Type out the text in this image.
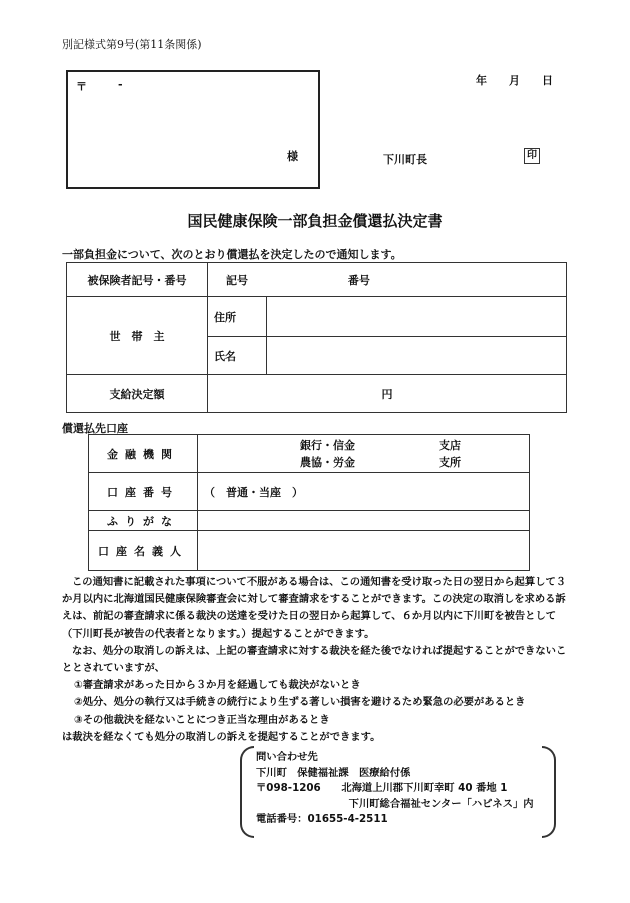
別記様式第9号(第11条関係)
〒	-
様
年 月 日
下川町長	印
国民健康保険一部負担金償還払決定書
一部負担金について、次のとおり償還払を決定したので通知します。
被保険者記号・番号	記号 番号	
世　帯　主	住所	
	氏名	
支給決定額	円	
償還払先口座
金融機関	銀行・信金 支店
農協・労金 支所

口座番号	（　普通・当座　）
ふりがな	
口座名義人	

この通知書に記載された事項について不服がある場合は、この通知書を受け取った日の翌日から起算して３か月以内に北海道国民健康保険審査会に対して審査請求をすることができます。この決定の取消しを求める訴えは、前記の審査請求に係る裁決の送達を受けた日の翌日から起算して、６か月以内に下川町を被告として（下川町長が被告の代表者となります。）提起することができます。

なお、処分の取消しの訴えは、上記の審査請求に対する裁決を経た後でなければ提起することができないこととされていますが、

①審査請求があった日から３か月を経過しても裁決がないとき

②処分、処分の執行又は手続きの続行により生ずる著しい損害を避けるため緊急の必要があるとき

③その他裁決を経ないことにつき正当な理由があるとき

は裁決を経なくても処分の取消しの訴えを提起することができます。

問い合わせ先
下川町　保健福祉課　医療給付係
〒098-1206　　北海道上川郡下川町幸町 40 番地 1
　　　　　　　　　下川町総合福祉センター「ハピネス」内
電話番号：01655-4-2511
